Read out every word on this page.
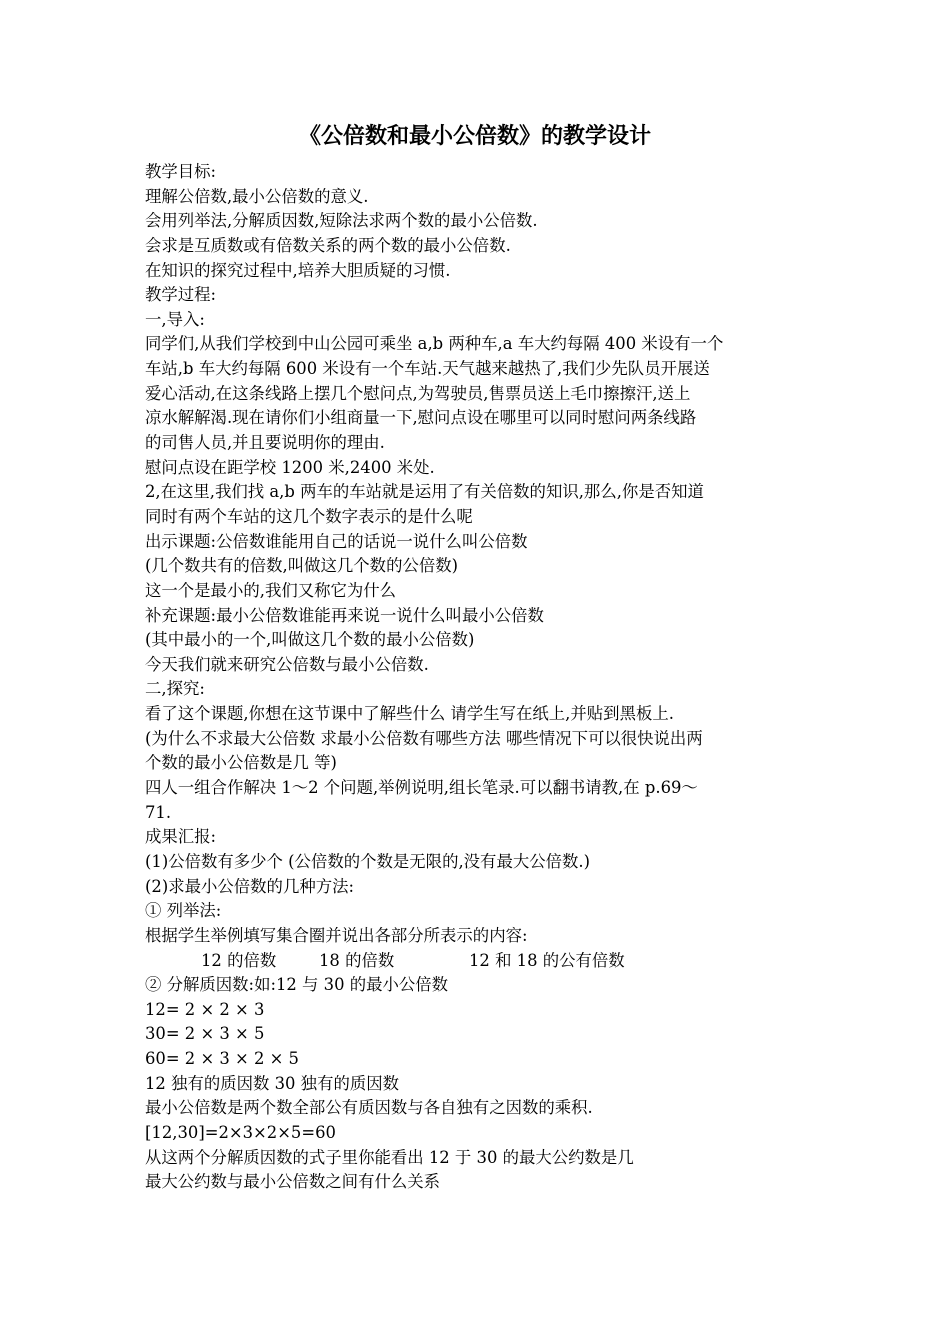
《公倍数和最小公倍数》的教学设计
教学目标:
理解公倍数,最小公倍数的意义.
会用列举法,分解质因数,短除法求两个数的最小公倍数.
会求是互质数或有倍数关系的两个数的最小公倍数.
在知识的探究过程中,培养大胆质疑的习惯.
教学过程:
一,导入:
同学们,从我们学校到中山公园可乘坐 a,b 两种车,a 车大约每隔 400 米设有一个
车站,b 车大约每隔 600 米设有一个车站.天气越来越热了,我们少先队员开展送
爱心活动,在这条线路上摆几个慰问点,为驾驶员,售票员送上毛巾擦擦汗,送上
凉水解解渴.现在请你们小组商量一下,慰问点设在哪里可以同时慰问两条线路
的司售人员,并且要说明你的理由.
慰问点设在距学校 1200 米,2400 米处.
2,在这里,我们找 a,b 两车的车站就是运用了有关倍数的知识,那么,你是否知道
同时有两个车站的这几个数字表示的是什么呢
出示课题:公倍数谁能用自己的话说一说什么叫公倍数
(几个数共有的倍数,叫做这几个数的公倍数)
这一个是最小的,我们又称它为什么
补充课题:最小公倍数谁能再来说一说什么叫最小公倍数
(其中最小的一个,叫做这几个数的最小公倍数)
今天我们就来研究公倍数与最小公倍数.
二,探究:
看了这个课题,你想在这节课中了解些什么 请学生写在纸上,并贴到黑板上.
(为什么不求最大公倍数 求最小公倍数有哪些方法 哪些情况下可以很快说出两
个数的最小公倍数是几 等)
四人一组合作解决 1～2 个问题,举例说明,组长笔录.可以翻书请教,在 p.69～
71.
成果汇报:
(1)公倍数有多少个 (公倍数的个数是无限的,没有最大公倍数.)
(2)求最小公倍数的几种方法:
① 列举法:
根据学生举例填写集合圈并说出各部分所表示的内容:
12 的倍数	18 的倍数	12 和 18 的公有倍数
② 分解质因数:如:12 与 30 的最小公倍数
12= 2 × 2 × 3
30= 2 × 3 × 5
60= 2 × 3 × 2 × 5
12 独有的质因数 30 独有的质因数
最小公倍数是两个数全部公有质因数与各自独有之因数的乘积.
[12,30]=2×3×2×5=60
从这两个分解质因数的式子里你能看出 12 于 30 的最大公约数是几
最大公约数与最小公倍数之间有什么关系
